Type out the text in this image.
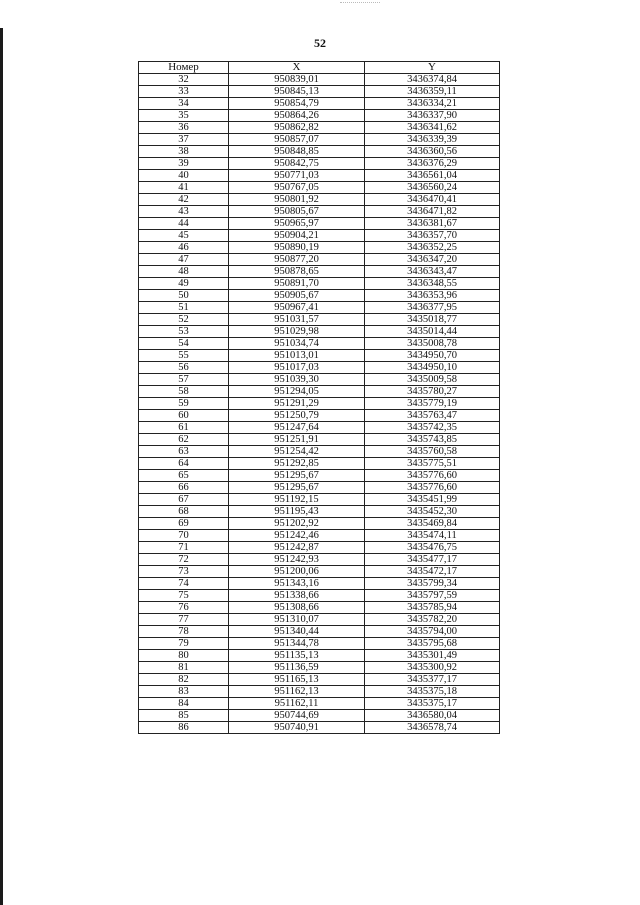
52
Номер	X	Y
32	950839,01	3436374,84
33	950845,13	3436359,11
34	950854,79	3436334,21
35	950864,26	3436337,90
36	950862,82	3436341,62
37	950857,07	3436339,39
38	950848,85	3436360,56
39	950842,75	3436376,29
40	950771,03	3436561,04
41	950767,05	3436560,24
42	950801,92	3436470,41
43	950805,67	3436471,82
44	950965,97	3436381,67
45	950904,21	3436357,70
46	950890,19	3436352,25
47	950877,20	3436347,20
48	950878,65	3436343,47
49	950891,70	3436348,55
50	950905,67	3436353,96
51	950967,41	3436377,95
52	951031,57	3435018,77
53	951029,98	3435014,44
54	951034,74	3435008,78
55	951013,01	3434950,70
56	951017,03	3434950,10
57	951039,30	3435009,58
58	951294,05	3435780,27
59	951291,29	3435779,19
60	951250,79	3435763,47
61	951247,64	3435742,35
62	951251,91	3435743,85
63	951254,42	3435760,58
64	951292,85	3435775,51
65	951295,67	3435776,60
66	951295,67	3435776,60
67	951192,15	3435451,99
68	951195,43	3435452,30
69	951202,92	3435469,84
70	951242,46	3435474,11
71	951242,87	3435476,75
72	951242,93	3435477,17
73	951200,06	3435472,17
74	951343,16	3435799,34
75	951338,66	3435797,59
76	951308,66	3435785,94
77	951310,07	3435782,20
78	951340,44	3435794,00
79	951344,78	3435795,68
80	951135,13	3435301,49
81	951136,59	3435300,92
82	951165,13	3435377,17
83	951162,13	3435375,18
84	951162,11	3435375,17
85	950744,69	3436580,04
86	950740,91	3436578,74
